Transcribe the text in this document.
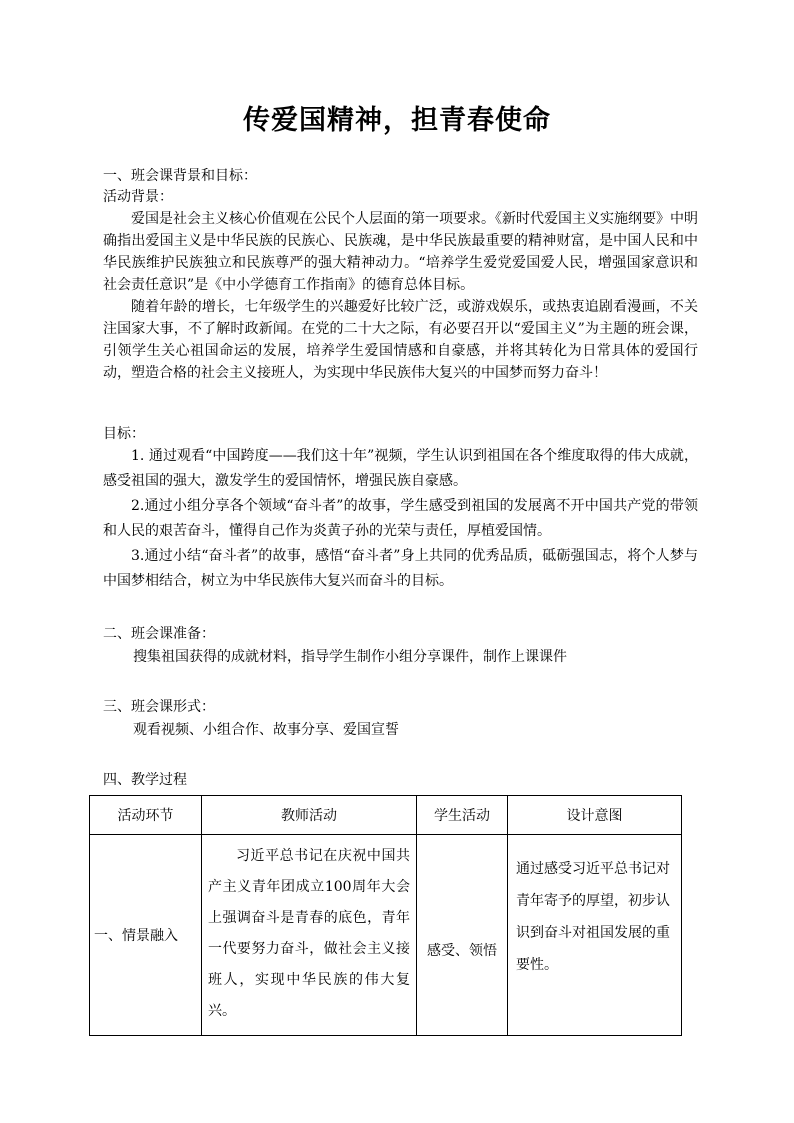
传爱国精神，担青春使命
一、班会课背景和目标：
活动背景：

爱国是社会主义核心价值观在公民个人层面的第一项要求。《新时代爱国主义实施纲要》中明确指出爱国主义是中华民族的民族心、民族魂，是中华民族最重要的精神财富，是中国人民和中华民族维护民族独立和民族尊严的强大精神动力。“培养学生爱党爱国爱人民，增强国家意识和社会责任意识”是《中小学德育工作指南》的德育总体目标。

随着年龄的增长，七年级学生的兴趣爱好比较广泛，或游戏娱乐，或热衷追剧看漫画，不关注国家大事，不了解时政新闻。在党的二十大之际，有必要召开以“爱国主义”为主题的班会课，引领学生关心祖国命运的发展，培养学生爱国情感和自豪感，并将其转化为日常具体的爱国行动，塑造合格的社会主义接班人，为实现中华民族伟大复兴的中国梦而努力奋斗！

目标：

1. 通过观看“中国跨度——我们这十年”视频，学生认识到祖国在各个维度取得的伟大成就，感受祖国的强大，激发学生的爱国情怀，增强民族自豪感。

2.通过小组分享各个领域“奋斗者”的故事，学生感受到祖国的发展离不开中国共产党的带领和人民的艰苦奋斗，懂得自己作为炎黄子孙的光荣与责任，厚植爱国情。

3.通过小结“奋斗者”的故事，感悟“奋斗者”身上共同的优秀品质，砥砺强国志，将个人梦与中国梦相结合，树立为中华民族伟大复兴而奋斗的目标。

二、班会课准备：
搜集祖国获得的成就材料，指导学生制作小组分享课件，制作上课课件
三、班会课形式：
观看视频、小组合作、故事分享、爱国宣誓
四、教学过程
活动环节	教师活动	学生活动	设计意图
一、情景融入	习近平总书记在庆祝中国共产主义青年团成立100周年大会上强调奋斗是青春的底色，青年一代要努力奋斗，做社会主义接班人，实现中华民族的伟大复兴。	感受、领悟	通过感受习近平总书记对青年寄予的厚望，初步认识到奋斗对祖国发展的重要性。
